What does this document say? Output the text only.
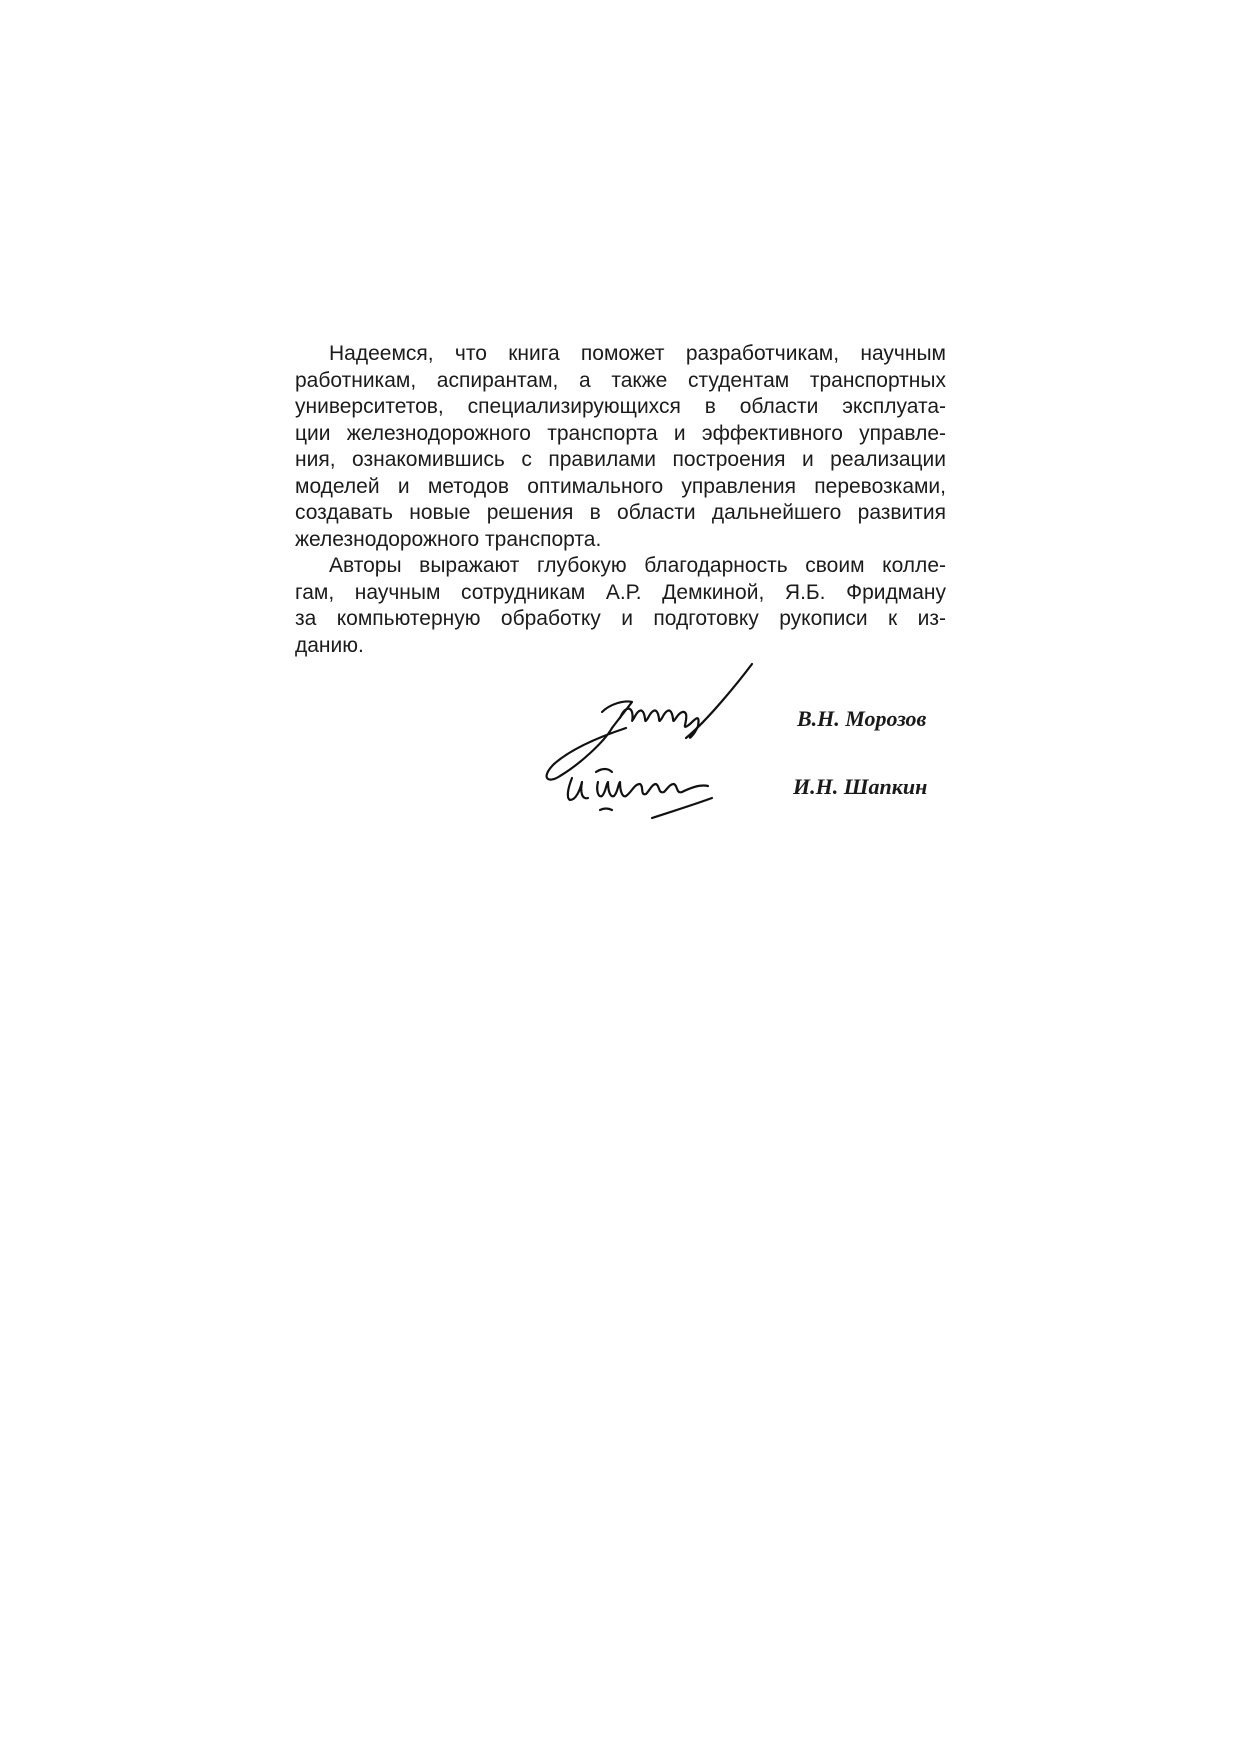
Надеемся, что книга поможет разработчикам, научным
работникам, аспирантам, а также студентам транспортных
университетов, специализирующихся в области эксплуата-
ции железнодорожного транспорта и эффективного управле-
ния, ознакомившись с правилами построения и реализации
моделей и методов оптимального управления перевозками,
создавать новые решения в области дальнейшего развития
железнодорожного транспорта.
Авторы выражают глубокую благодарность своим колле-
гам, научным сотрудникам А.Р. Демкиной, Я.Б. Фридману
за компьютерную обработку и подготовку рукописи к из-
данию.
В.Н. Морозов
И.Н. Шапкин
